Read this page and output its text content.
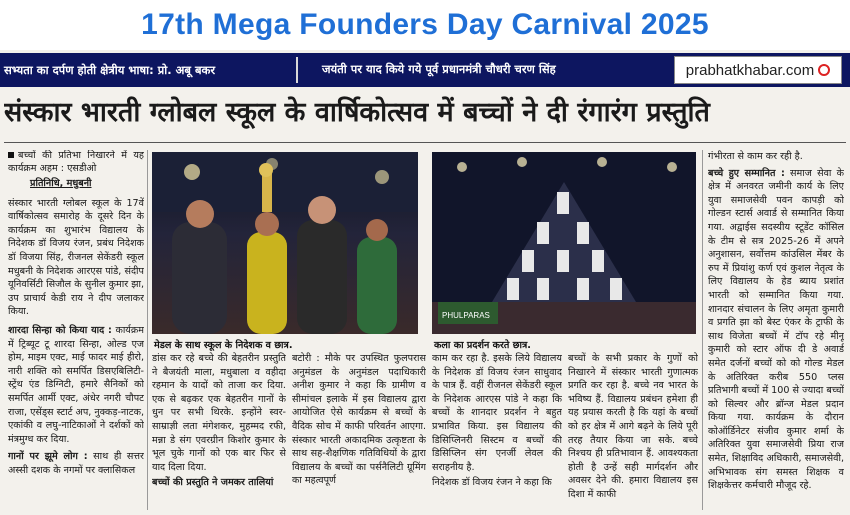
17th Mega Founders Day Carnival 2025
सभ्यता का दर्पण होती क्षेत्रीय भाषा: प्रो. अबू बकर	जयंती पर याद किये गये पूर्व प्रधानमंत्री चौधरी चरण सिंह	prabhatkhabar.com
संस्कार भारती ग्लोबल स्कूल के वार्षिकोत्सव में बच्चों ने दी रंगारंग प्रस्तुति
बच्चों की प्रतिभा निखारने में यह कार्यक्रम अहम : एसडीओ
प्रतिनिधि, मधुबनी
संस्कार भारती ग्लोबल स्कूल के 17वें वार्षिकोत्सव समारोह के दूसरे दिन के कार्यक्रम का शुभारंभ विद्यालय के निदेशक डॉ विजय रंजन, प्रबंध निदेशक डॉ विजया सिंह, रीजनल सेकेंडरी स्कूल मधुबनी के निदेशक आरएस पांडे, संदीप यूनिवर्सिटी सिजौल के सुनील कुमार झा, उप प्राचार्य केडी राय ने दीप जलाकर किया.
शारदा सिन्हा को किया याद : कार्यक्रम में ट्रिब्यूट टू शारदा सिन्हा, ओल्ड एज होम, माइम एक्ट, माई फादर माई हीरो, नारी शक्ति को समर्पित डिसएबिलिटी-स्ट्रेंथ एंड डिग्निटी, हमारे सैनिकों को समर्पित आर्मी एक्ट, अंधेर नगरी चौपट राजा, एसेंड्स स्टार्ट अप, नुक्कड़-नाटक, एकांकी व लघु-नाटिकाओं ने दर्शकों को मंत्रमुग्ध कर दिया.
गानों पर झूमे लोग : साथ ही सत्तर अस्सी दशक के नगमों पर क्लासिकल
मेडल के साथ स्कूल के निदेशक व छात्र.
PHULPARAS
कला का प्रदर्शन करते छात्र.
डांस कर रहे बच्चे की बेहतरीन प्रस्तुति ने बैजयंती माला, मधुबाला व वहीदा रहमान के यादों को ताजा कर दिया. एक से बढ़कर एक बेहतरीन गानों के धुन पर सभी थिरके. इन्होंने स्वर-साम्राज्ञी लता मंगेशकर, मुहम्मद रफी, मन्ना डे संग एवरग्रीन किशोर कुमार के भूल चुके गानों को एक बार फिर से याद दिला दिया.
बच्चों की प्रस्तुति ने जमकर तालियां
बटोरी : मौके पर उपस्थित फुलपरास अनुमंडल के अनुमंडल पदाधिकारी अनीश कुमार ने कहा कि ग्रामीण व सीमांचल इलाके में इस विद्यालय द्वारा आयोजित ऐसे कार्यक्रम से बच्चों के वैदिक सोच में काफी परिवर्तन आएगा. संस्कार भारती अकादमिक उत्कृष्टता के साथ सह-शैक्षणिक गतिविधियों के द्वारा विद्यालय के बच्चों का पर्सनैलिटी ग्रूमिंग का महत्वपूर्ण
काम कर रहा है. इसके लिये विद्यालय के निदेशक डॉ विजय रंजन साधुवाद के पात्र हैं. वहीं रीजनल सेकेंडरी स्कूल के निदेशक आरएस पांडे ने कहा कि बच्चों के शानदार प्रदर्शन ने बहुत प्रभावित किया. इस विद्यालय की डिसिप्लिनरी सिस्टम व बच्चों की डिसिप्लिन संग एनर्जी लेवल की सराहनीय है.
निदेशक डॉ विजय रंजन ने कहा कि
बच्चों के सभी प्रकार के गुणों को निखारने में संस्कार भारती गुणात्मक प्रगति कर रहा है. बच्चे नव भारत के भविष्य हैं. विद्यालय प्रबंधन हमेशा ही यह प्रयास करती है कि यहां के बच्चों को हर क्षेत्र में आगे बढ़ने के लिये पूरी तरह तैयार किया जा सके. बच्चे निश्चय ही प्रतिभावान हैं. आवश्यकता होती है उन्हें सही मार्गदर्शन और अवसर देने की. हमारा विद्यालय इस दिशा में काफी
गंभीरता से काम कर रही है.
बच्चे हुए सम्मानित : समाज सेवा के क्षेत्र में अनवरत जमीनी कार्य के लिए युवा समाजसेवी पवन कापड़ी को गोल्डन स्टार्स अवार्ड से सम्मानित किया गया. अद्वाईस सदस्यीय स्टूडेंट कॉसिल के टीम से सत्र 2025-26 में अपने अनुशासन, सर्वोत्तम कांउसिल मेंबर के रुप में प्रियांशु कर्ण एवं कुशल नेतृत्व के लिए विद्यालय के हेड ब्याय प्रशांत भारती को सम्मानित किया गया. शानदार संचालन के लिए अमृता कुमारी व प्रगति झा को बेस्ट एंकर के ट्राफी के साथ विजेता बच्चों में टॉप रहे मीनू कुमारी को स्टार ऑफ दी डे अवार्ड समेत दर्जनों बच्चों को को गोल्ड मेडल के अतिरिक्त करीब 550 प्लस प्रतिभागी बच्चों में 100 से ज्यादा बच्चों को सिल्वर और ब्रॉन्ज मेडल प्रदान किया गया. कार्यक्रम के दौरान कोऑर्डिनेटर संजीव कुमार शर्मा के अतिरिक्त युवा समाजसेवी प्रिया राज समेत, शिक्षाविद अधिकारी, समाजसेवी, अभिभावक संग समस्त शिक्षक व शिक्षकेत्तर कर्मचारी मौजूद रहे.
